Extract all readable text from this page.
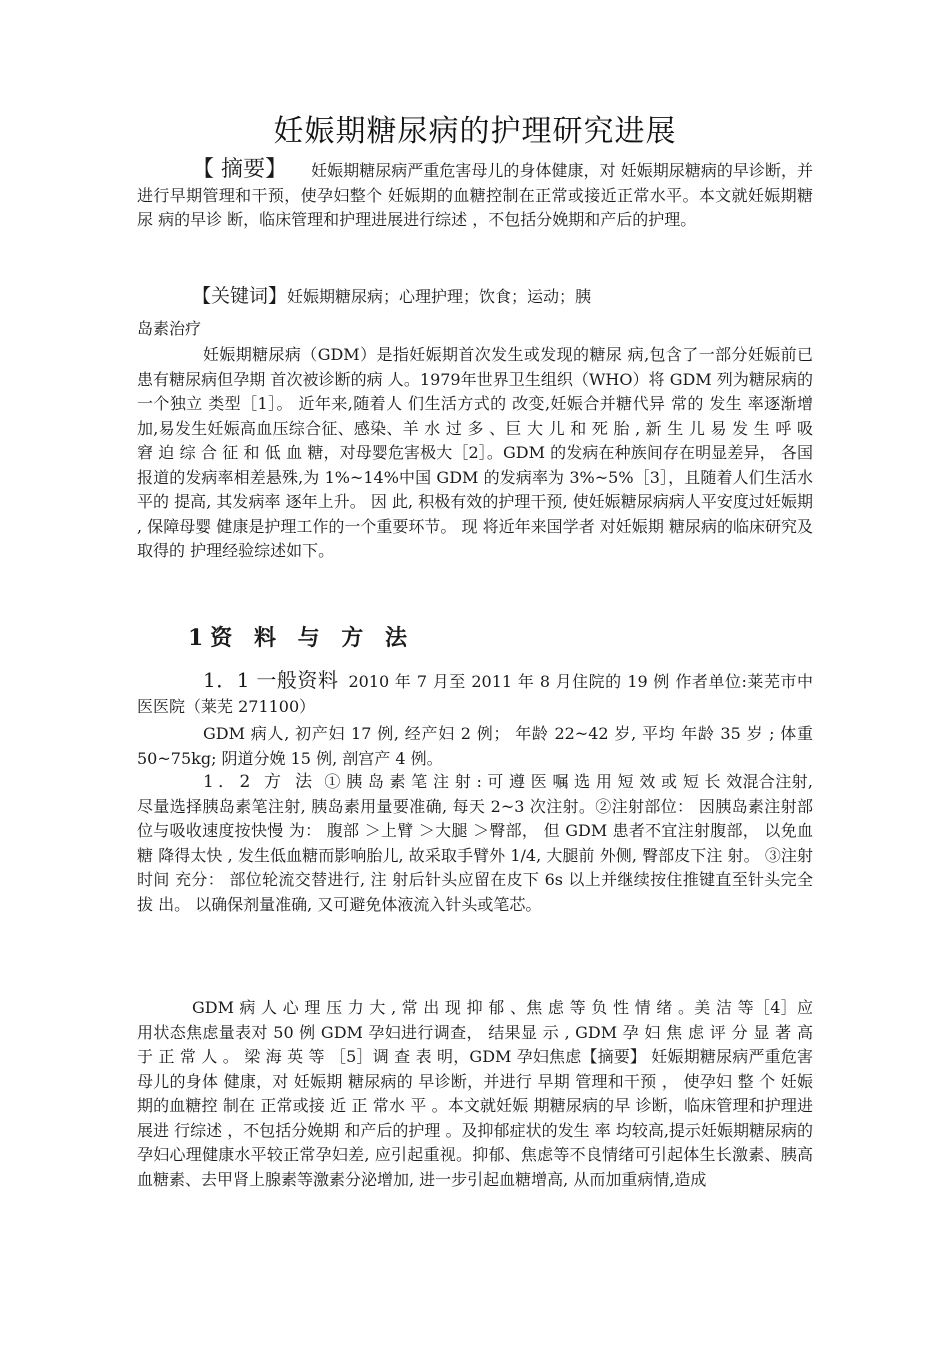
妊娠期糖尿病的护理研究进展

【 摘要】 妊娠期糖尿病严重危害母儿的身体健康，对 妊娠期尿糖病的早诊断，并进行早期管理和干预，使孕妇整个 妊娠期的血糖控制在正常或接近正常水平。本文就妊娠期糖尿 病的早诊 断，临床管理和护理进展进行综述 ，不包括分娩期和产后的护理。

【关键词】妊娠期糖尿病；心理护理；饮食；运动；胰

岛素治疗

妊娠期糖尿病（GDM）是指妊娠期首次发生或发现的糖尿 病,包含了一部分妊娠前已患有糖尿病但孕期 首次被诊断的病 人。1979年世界卫生组织（WHO）将 GDM 列为糖尿病的一个独立 类型［1］。 近年来,随着人 们生活方式的 改变,妊娠合并糖代异 常的 发生 率逐渐增加,易发生妊娠高血压综合征、感染、羊 水 过 多 、巨 大 儿 和 死 胎 , 新 生 儿 易 发 生 呼 吸 窘 迫 综 合 征 和 低 血 糖，对母婴危害极大［2］。GDM 的发病在种族间存在明显差异， 各国报道的发病率相差悬殊,为 1%~14%中国 GDM 的发病率为 3%~5%［3］，且随着人们生活水平的 提高, 其发病率 逐年上升。 因 此, 积极有效的护理干预, 使妊娠糖尿病病人平安度过妊娠期 , 保障母婴 健康是护理工作的一个重要环节。 现 将近年来国学者 对妊娠期 糖尿病的临床研究及取得的 护理经验综述如下。

1资 料 与 方 法

1．1 一般资料 2010 年 7 月至 2011 年 8 月住院的 19 例 作者单位:莱芜市中 医医院（莱芜 271100）

GDM 病人, 初产妇 17 例, 经产妇 2 例； 年龄 22~42 岁, 平均 年龄 35 岁 ; 体重 50~75kg; 阴道分娩 15 例, 剖宫产 4 例。

1．2 方 法 ① 胰 岛 素 笔 注 射 : 可 遵 医 嘱 选 用 短 效 或 短 长 效混合注射, 尽量选择胰岛素笔注射, 胰岛素用量要准确, 每天 2~3 次注射。②注射部位： 因胰岛素注射部位与吸收速度按快慢 为： 腹部 ＞上臂 ＞大腿 ＞臀部， 但 GDM 患者不宜注射腹部， 以免血糖 降得太快 , 发生低血糖而影响胎儿, 故采取手臂外 1/4, 大腿前 外侧, 臀部皮下注 射。 ③注射时间 充分： 部位轮流交替进行, 注 射后针头应留在皮下 6s 以上并继续按住推键直至针头完全拔 出。 以确保剂量准确, 又可避免体液流入针头或笔芯。

GDM 病 人 心 理 压 力 大 , 常 出 现 抑 郁 、焦 虑 等 负 性 情 绪 。美 洁 等［4］应用状态焦虑量表对 50 例 GDM 孕妇进行调查， 结果显 示 , GDM 孕 妇 焦 虑 评 分 显 著 高 于 正 常 人 。 梁 海 英 等 ［5］调 查 表 明，GDM 孕妇焦虑【摘要】 妊娠期糖尿病严重危害母儿的身体 健康，对 妊娠期 糖尿病的 早诊断，并进行 早期 管理和干预 ， 使孕妇 整 个 妊娠期的血糖控 制在 正常或接 近 正 常水 平 。本文就妊娠 期糖尿病的早 诊断，临床管理和护理进展进 行综述 ，不包括分娩期 和产后的护理 。及抑郁症状的发生 率 均较高,提示妊娠期糖尿病的孕妇心理健康水平较正常孕妇差, 应引起重视。抑郁、焦虑等不良情绪可引起体生长激素、胰高 血糖素、去甲肾上腺素等激素分泌增加, 进一步引起血糖增高, 从而加重病情,造成
